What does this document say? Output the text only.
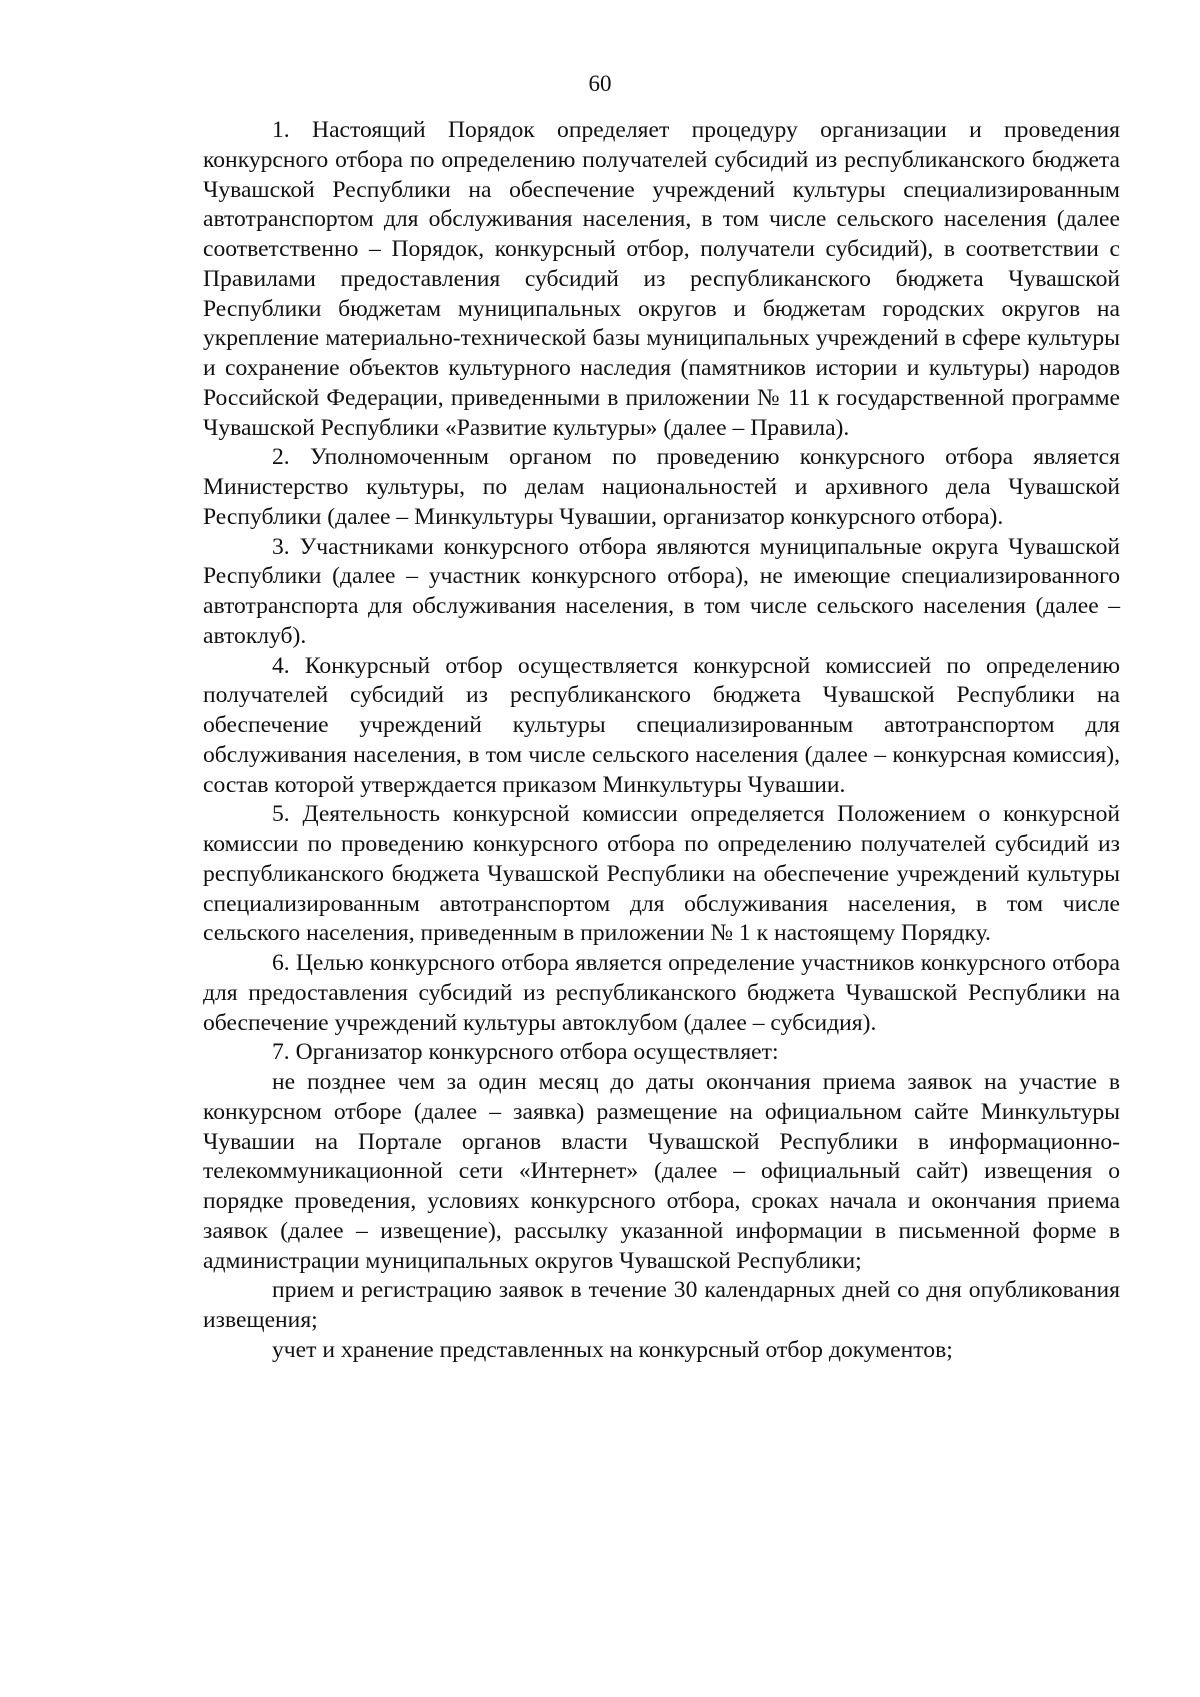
60

1. Настоящий Порядок определяет процедуру организации и проведения конкурсного отбора по определению получателей субсидий из республиканского бюджета Чувашской Республики на обеспечение учреждений культуры специализированным автотранспортом для обслуживания населения, в том числе сельского населения (далее соответственно – Порядок, конкурсный отбор, получатели субсидий), в соответствии с Правилами предоставления субсидий из республиканского бюджета Чувашской Республики бюджетам муниципальных округов и бюджетам городских округов на укрепление материально-технической базы муниципальных учреждений в сфере культуры и сохранение объектов культурного наследия (памятников истории и культуры) народов Российской Федерации, приведенными в приложении № 11 к государственной программе Чувашской Республики «Развитие культуры» (далее – Правила).

2. Уполномоченным органом по проведению конкурсного отбора является Министерство культуры, по делам национальностей и архивного дела Чувашской Республики (далее – Минкультуры Чувашии, организатор конкурсного отбора).

3. Участниками конкурсного отбора являются муниципальные округа Чувашской Республики (далее – участник конкурсного отбора), не имеющие специализированного автотранспорта для обслуживания населения, в том числе сельского населения (далее – автоклуб).

4. Конкурсный отбор осуществляется конкурсной комиссией по определению получателей субсидий из республиканского бюджета Чувашской Республики на обеспечение учреждений культуры специализированным автотранспортом для обслуживания населения, в том числе сельского населения (далее – конкурсная комиссия), состав которой утверждается приказом Минкультуры Чувашии.

5. Деятельность конкурсной комиссии определяется Положением о конкурсной комиссии по проведению конкурсного отбора по определению получателей субсидий из республиканского бюджета Чувашской Республики на обеспечение учреждений культуры специализированным автотранспортом для обслуживания населения, в том числе сельского населения, приведенным в приложении № 1 к настоящему Порядку.

6. Целью конкурсного отбора является определение участников конкурсного отбора для предоставления субсидий из республиканского бюджета Чувашской Республики на обеспечение учреждений культуры автоклубом (далее – субсидия).

7. Организатор конкурсного отбора осуществляет:

не позднее чем за один месяц до даты окончания приема заявок на участие в конкурсном отборе (далее – заявка) размещение на официальном сайте Минкультуры Чувашии на Портале органов власти Чувашской Республики в информационно-телекоммуникационной сети «Интернет» (далее – официальный сайт) извещения о порядке проведения, условиях конкурсного отбора, сроках начала и окончания приема заявок (далее – извещение), рассылку указанной информации в письменной форме в администрации муниципальных округов Чувашской Республики;

прием и регистрацию заявок в течение 30 календарных дней со дня опубликования извещения;

учет и хранение представленных на конкурсный отбор документов;
